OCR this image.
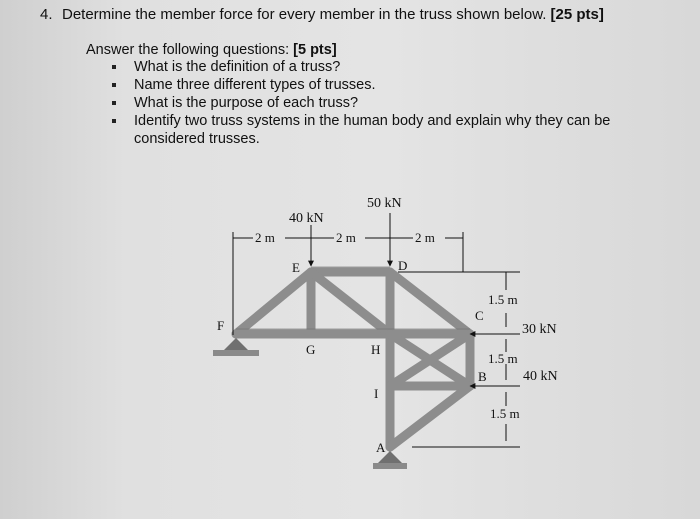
4. Determine the member force for every member in the truss shown below. [25 pts]
Answer the following questions: [5 pts]
What is the definition of a truss?
Name three different types of trusses.
What is the purpose of each truss?
Identify two truss systems in the human body and explain why they can be considered trusses.
2 m	2 m	2 m
40 kN
50 kN
1.5 m
1.5 m
1.5 m
30 kN
40 kN
F
E	D
C
G	H
I
B
A
